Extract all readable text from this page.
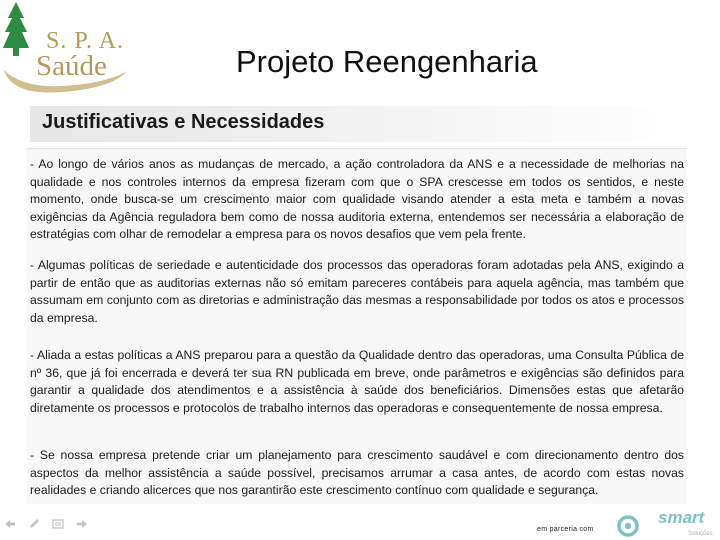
S. P. A.
Saúde	Projeto Reengenharia
Justificativas e Necessidades

- Ao longo de vários anos as mudanças de mercado, a ação controladora da ANS e a necessidade de melhorias na qualidade e nos controles internos da empresa fizeram com que o SPA crescesse em todos os sentidos, e neste momento, onde busca-se um crescimento maior com qualidade visando atender a esta meta e também a novas exigências da Agência reguladora bem como de nossa auditoria externa, entendemos ser necessária a elaboração de estratégias com olhar de remodelar a empresa para os novos desafios que vem pela frente.

- Algumas políticas de seriedade e autenticidade dos processos das operadoras foram adotadas pela ANS, exigindo a partir de então que as auditorias externas não só emitam pareceres contábeis para aquela agência, mas também que assumam em conjunto com as diretorias e administração das mesmas a responsabilidade por todos os atos e processos da empresa.

- Aliada a estas políticas a ANS preparou para a questão da Qualidade dentro das operadoras, uma Consulta Pública de nº 36, que já foi encerrada e deverá ter sua RN publicada em breve, onde parâmetros e exigências são definidos para garantir a qualidade dos atendimentos e a assistência à saúde dos beneficiários. Dimensões estas que afetarão diretamente os processos e protocolos de trabalho internos das operadoras e consequentemente de nossa empresa.

- Se nossa empresa pretende criar um planejamento para crescimento saudável e com direcionamento dentro dos aspectos da melhor assistência a saúde possível, precisamos arrumar a casa antes, de acordo com estas novas realidades e criando alicerces que nos garantirão este crescimento contínuo com qualidade e segurança.

em parceria com
smart
Soluções
